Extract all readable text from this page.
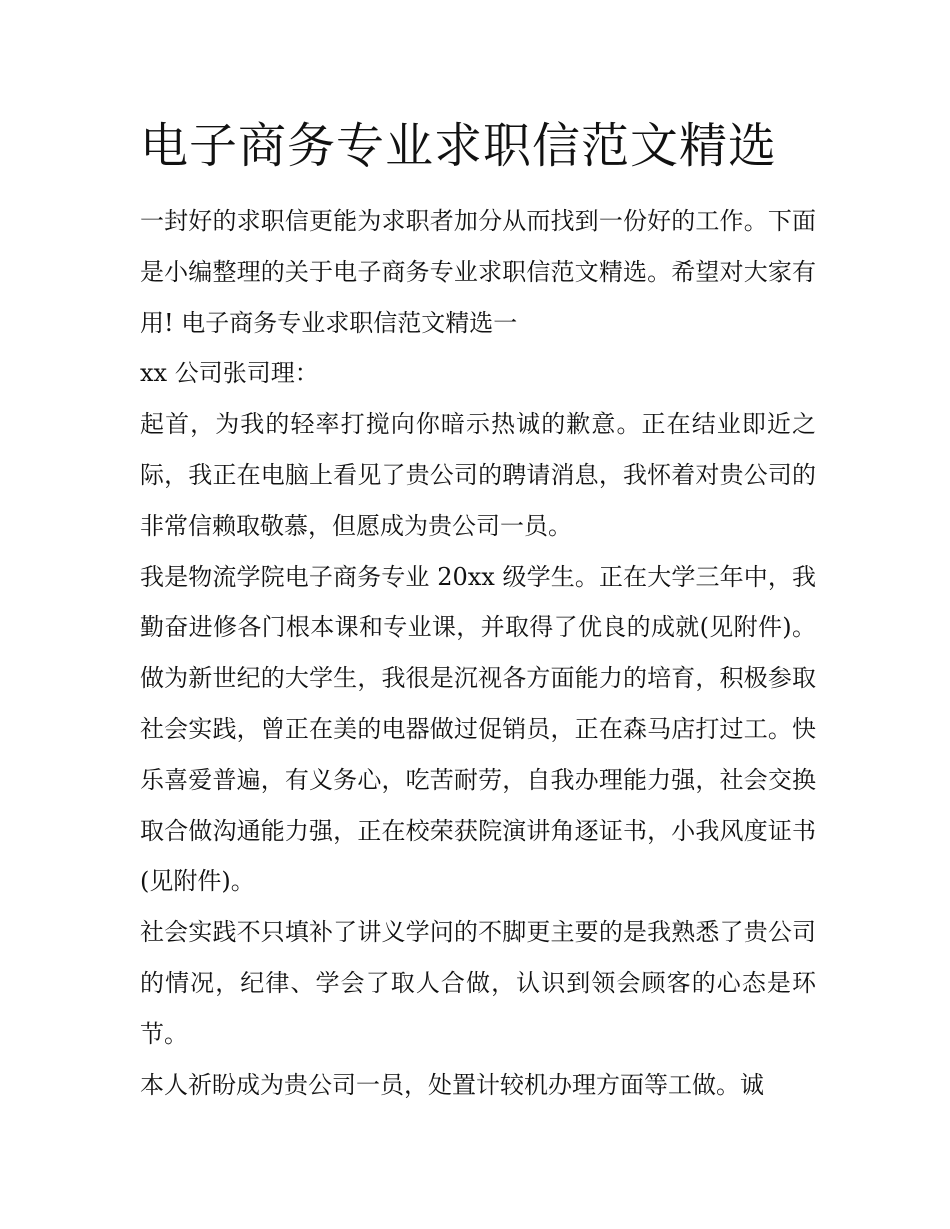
电子商务专业求职信范文精选

一封好的求职信更能为求职者加分从而找到一份好的工作。下面是小编整理的关于电子商务专业求职信范文精选。希望对大家有用! 电子商务专业求职信范文精选一

xx 公司张司理：

起首，为我的轻率打搅向你暗示热诚的歉意。正在结业即近之际，我正在电脑上看见了贵公司的聘请消息，我怀着对贵公司的非常信赖取敬慕，但愿成为贵公司一员。

我是物流学院电子商务专业 20xx 级学生。正在大学三年中，我勤奋进修各门根本课和专业课，并取得了优良的成就(见附件)。做为新世纪的大学生，我很是沉视各方面能力的培育，积极参取社会实践，曾正在美的电器做过促销员，正在森马店打过工。快乐喜爱普遍，有义务心，吃苦耐劳，自我办理能力强，社会交换取合做沟通能力强，正在校荣获院演讲角逐证书，小我风度证书(见附件)。

社会实践不只填补了讲义学问的不脚更主要的是我熟悉了贵公司的情况，纪律、学会了取人合做，认识到领会顾客的心态是环节。

本人祈盼成为贵公司一员，处置计较机办理方面等工做。诚
